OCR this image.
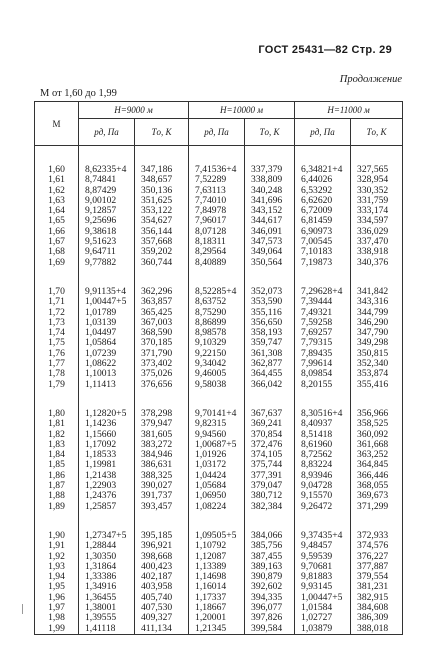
ГОСТ 25431—82 Стр. 29
Продолжение
M от 1,60 до 1,99
M	H=9000 м		H=10000 м		H=11000 м	
	pд, Па	Tо, К	pд, Па	Tо, К	pд, Па	Tо, К

1,60	8,62335+4	347,186	7,41536+4	337,379	6,34821+4	327,565
1,61	8,74841	348,657	7,52289	338,809	6,44026	328,954
1,62	8,87429	350,136	7,63113	340,248	6,53292	330,352
1,63	9,00102	351,625	7,74010	341,696	6,62620	331,759
1,64	9,12857	353,122	7,84978	343,152	6,72009	333,174
1,65	9,25696	354,627	7,96017	344,617	6,81459	334,597
1,66	9,38618	356,144	8,07128	346,091	6,90973	336,029
1,67	9,51623	357,668	8,18311	347,573	7,00545	337,470
1,68	9,64711	359,202	8,29564	349,064	7,10183	338,918
1,69	9,77882	360,744	8,40889	350,564	7,19873	340,376

1,70	9,91135+4	362,296	8,52285+4	352,073	7,29628+4	341,842
1,71	1,00447+5	363,857	8,63752	353,590	7,39444	343,316
1,72	1,01789	365,425	8,75290	355,116	7,49321	344,799
1,73	1,03139	367,003	8,86899	356,650	7,59258	346,290
1,74	1,04497	368,590	8,98578	358,193	7,69257	347,790
1,75	1,05864	370,185	9,10329	359,747	7,79315	349,298
1,76	1,07239	371,790	9,22150	361,308	7,89435	350,815
1,77	1,08622	373,402	9,34042	362,877	7,99614	352,340
1,78	1,10013	375,026	9,46005	364,455	8,09854	353,874
1,79	1,11413	376,656	9,58038	366,042	8,20155	355,416

1,80	1,12820+5	378,298	9,70141+4	367,637	8,30516+4	356,966
1,81	1,14236	379,947	9,82315	369,241	8,40937	358,525
1,82	1,15660	381,605	9,94560	370,854	8,51418	360,092
1,83	1,17092	383,272	1,00687+5	372,476	8,61960	361,668
1,84	1,18533	384,946	1,01926	374,105	8,72562	363,252
1,85	1,19981	386,631	1,03172	375,744	8,83224	364,845
1,86	1,21438	388,325	1,04424	377,391	8,93946	366,446
1,87	1,22903	390,027	1,05684	379,047	9,04728	368,055
1,88	1,24376	391,737	1,06950	380,712	9,15570	369,673
1,89	1,25857	393,457	1,08224	382,384	9,26472	371,299

1,90	1,27347+5	395,185	1,09505+5	384,066	9,37435+4	372,933
1,91	1,28844	396,921	1,10792	385,756	9,48457	374,576
1,92	1,30350	398,668	1,12087	387,455	9,59539	376,227
1,93	1,31864	400,423	1,13389	389,163	9,70681	377,887
1,94	1,33386	402,187	1,14698	390,879	9,81883	379,554
1,95	1,34916	403,958	1,16014	392,602	9,93145	381,231
1,96	1,36455	405,740	1,17337	394,335	1,00447+5	382,915
1,97	1,38001	407,530	1,18667	396,077	1,01584	384,608
1,98	1,39555	409,327	1,20001	397,826	1,02727	386,309
1,99	1,41118	411,134	1,21345	399,584	1,03879	388,018
